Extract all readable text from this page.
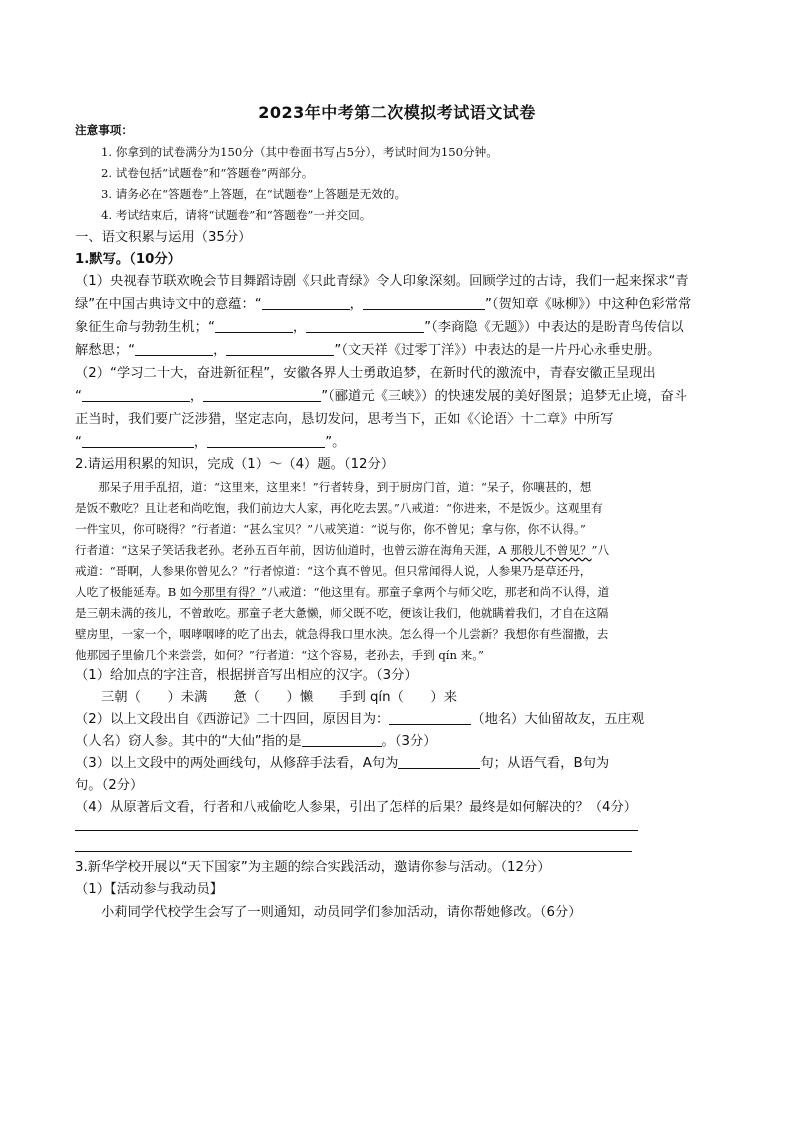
2023年中考第二次模拟考试语文试卷
注意事项：
1. 你拿到的试卷满分为150分（其中卷面书写占5分），考试时间为150分钟。
2. 试卷包括“试题卷”和“答题卷”两部分。
3. 请务必在“答题卷”上答题，在“试题卷”上答题是无效的。
4. 考试结束后，请将“试题卷”和“答题卷”一并交回。
一、语文积累与运用（35分）
1.默写。（10分）
（1）央视春节联欢晚会节目舞蹈诗剧《只此青绿》令人印象深刻。回顾学过的古诗，我们一起来探求“青
绿”在中国古典诗文中的意蕴：“	，	”（贺知章《咏柳》）中这种色彩常常
象征生命与勃勃生机；“	，	”（李商隐《无题》）中表达的是盼青鸟传信以
解愁思；“	，	”（文天祥《过零丁洋》）中表达的是一片丹心永垂史册。
（2）“学习二十大，奋进新征程”，安徽各界人士勇敢追梦，在新时代的激流中，青春安徽正呈现出
“	，	”（郦道元《三峡》）的快速发展的美好图景；追梦无止境，奋斗
正当时，我们要广泛涉猎，坚定志向，恳切发问，思考当下，正如《〈论语〉十二章》中所写
“	，	”。
2.请运用积累的知识，完成（1）～（4）题。（12分）
　　那呆子用手乱招，道：“这里来，这里来！”行者转身，到于厨房门首，道：“呆子，你嚷甚的，想
是饭不敷吃？且让老和尚吃饱，我们前边大人家，再化吃去罢。”八戒道：“你进来，不是饭少。这观里有
一件宝贝，你可晓得？”行者道：“甚么宝贝？”八戒笑道：“说与你，你不曾见；拿与你，你不认得。”
行者道：“这呆子笑话我老孙。老孙五百年前，因访仙道时，也曾云游在海角天涯，A 那般儿不曾见？”八
戒道：“哥啊，人参果你曾见么？”行者惊道：“这个真不曾见。但只常闻得人说，人参果乃是草还丹，
人吃了极能延寿。B 如今那里有得？”八戒道：“他这里有。那童子拿两个与师父吃，那老和尚不认得，道
是三朝未满的孩儿，不曾敢吃。那童子老大惫懒，师父既不吃，便该让我们，他就瞒着我们，才自在这隔
壁房里，一家一个，咽哮咽哮的吃了出去，就急得我口里水泱。怎么得一个儿尝新？我想你有些溜撒，去
他那园子里偷几个来尝尝，如何？”行者道：“这个容易，老孙去，手到 qín 来。”
（1）给加点的字注音，根据拼音写出相应的汉字。（3分）
三朝（　　）未满 惫（　　）懒 手到 qín（　　）来
（2）以上文段出自《西游记》二十四回，原因目为：	（地名）大仙留故友，五庄观
（人名）窃人参。其中的“大仙”指的是	。（3分）
（3）以上文段中的两处画线句，从修辞手法看，A句为	句；从语气看，B句为
句。（2分）
（4）从原著后文看，行者和八戒偷吃人参果，引出了怎样的后果？最终是如何解决的？（4分）
3.新华学校开展以“天下国家”为主题的综合实践活动，邀请你参与活动。（12分）
（1）【活动参与我动员】
小莉同学代校学生会写了一则通知，动员同学们参加活动，请你帮她修改。（6分）
